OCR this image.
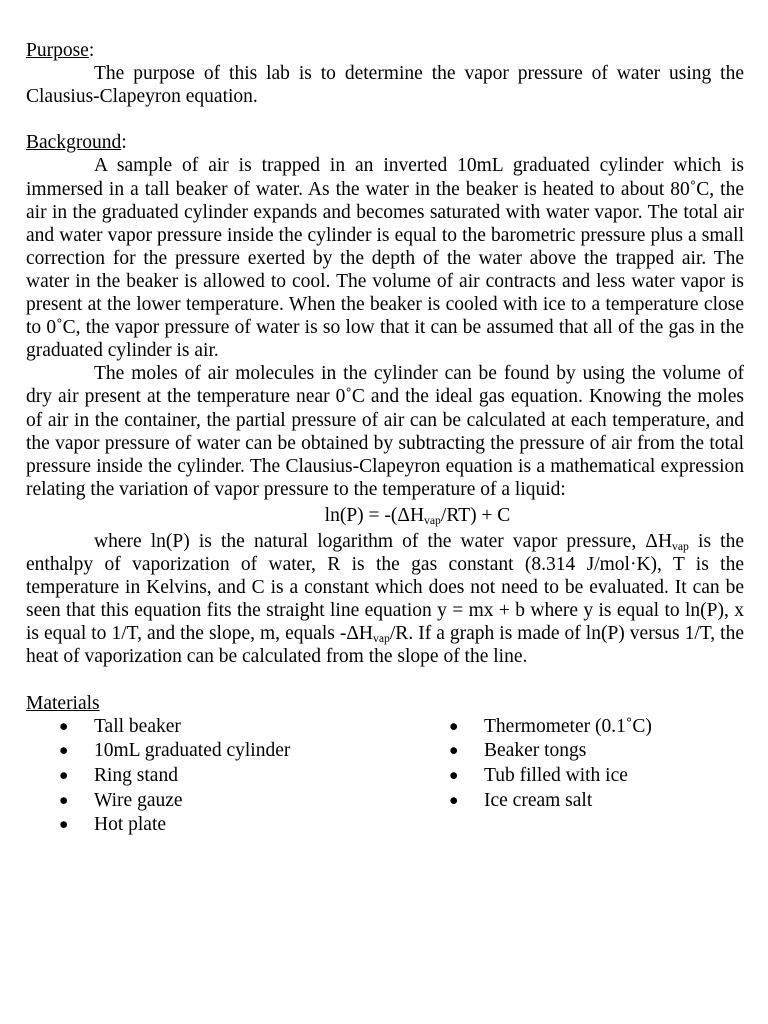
Purpose:

The purpose of this lab is to determine the vapor pressure of water using the Clausius-Clapeyron equation.

Background:

A sample of air is trapped in an inverted 10mL graduated cylinder which is immersed in a tall beaker of water. As the water in the beaker is heated to about 80˚C, the air in the graduated cylinder expands and becomes saturated with water vapor. The total air and water vapor pressure inside the cylinder is equal to the barometric pressure plus a small correction for the pressure exerted by the depth of the water above the trapped air. The water in the beaker is allowed to cool. The volume of air contracts and less water vapor is present at the lower temperature. When the beaker is cooled with ice to a temperature close to 0˚C, the vapor pressure of water is so low that it can be assumed that all of the gas in the graduated cylinder is air.

The moles of air molecules in the cylinder can be found by using the volume of dry air present at the temperature near 0˚C and the ideal gas equation. Knowing the moles of air in the container, the partial pressure of air can be calculated at each temperature, and the vapor pressure of water can be obtained by subtracting the pressure of air from the total pressure inside the cylinder. The Clausius-Clapeyron equation is a mathematical expression relating the variation of vapor pressure to the temperature of a liquid:

$\ln(P) = -(\Delta H_{vap}/RT) + C$

where ln(P) is the natural logarithm of the water vapor pressure, $\Delta H_{vap}$ is the enthalpy of vaporization of water, R is the gas constant (8.314 J/mol·K), T is the temperature in Kelvins, and C is a constant which does not need to be evaluated. It can be seen that this equation fits the straight line equation y = mx + b where y is equal to ln(P), x is equal to 1/T, and the slope, m, equals $-\Delta H_{vap}/R$. If a graph is made of ln(P) versus 1/T, the heat of vaporization can be calculated from the slope of the line.

Materials

● Tall beaker
● 10mL graduated cylinder
● Ring stand
● Wire gauze
● Hot plate
● Thermometer (0.1˚C)
● Beaker tongs
● Tub filled with ice
● Ice cream salt
